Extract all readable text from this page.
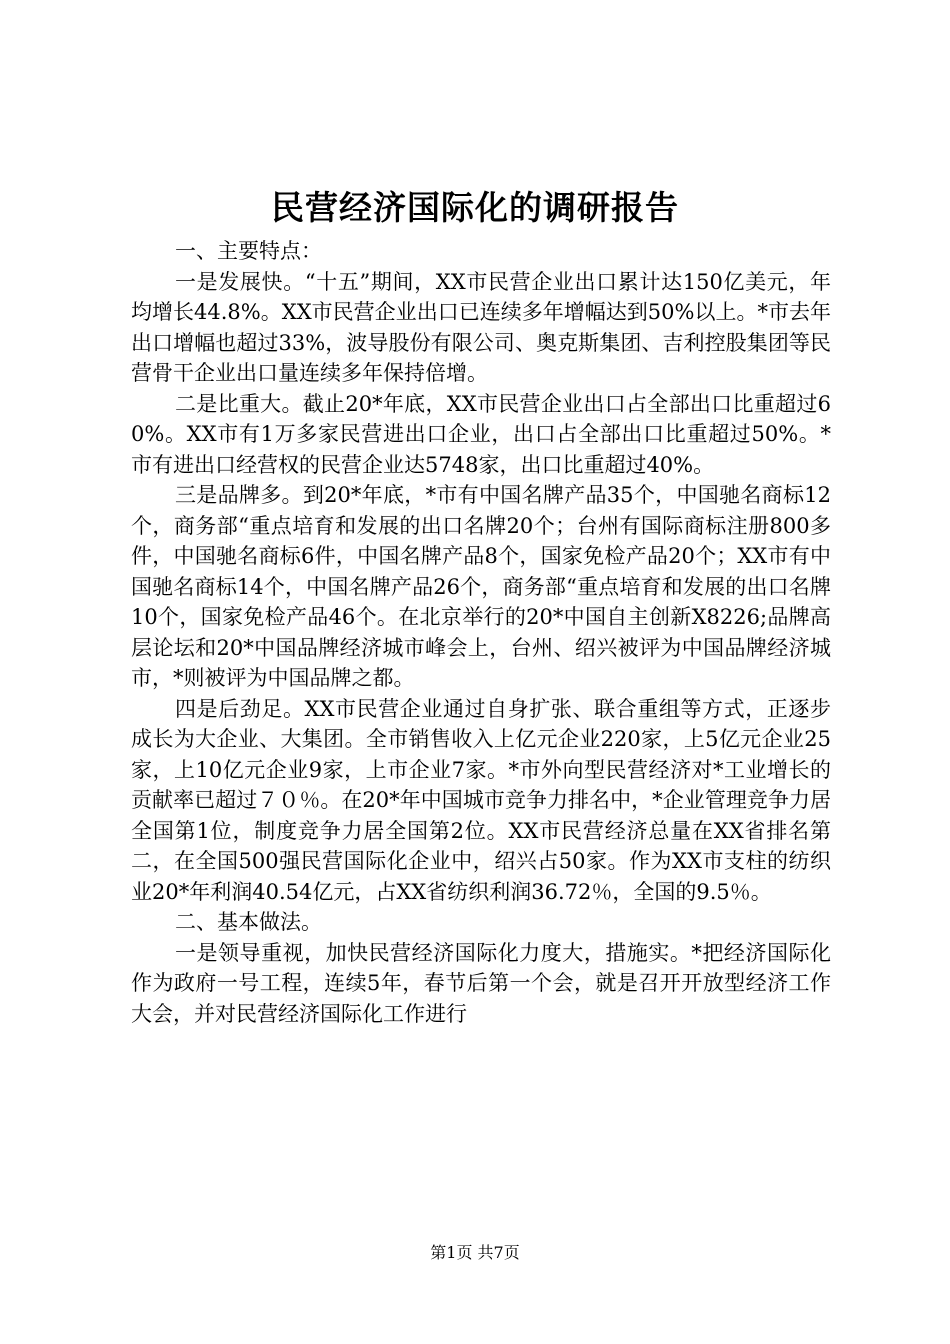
民营经济国际化的调研报告

一、主要特点：

一是发展快。“十五”期间，XX市民营企业出口累计达150亿美元，年均增长44.8%。XX市民营企业出口已连续多年增幅达到50%以上。*市去年出口增幅也超过33%，波导股份有限公司、奥克斯集团、吉利控股集团等民营骨干企业出口量连续多年保持倍增。

二是比重大。截止20*年底，XX市民营企业出口占全部出口比重超过60%。XX市有1万多家民营进出口企业，出口占全部出口比重超过50%。*市有进出口经营权的民营企业达5748家，出口比重超过40%。

三是品牌多。到20*年底，*市有中国名牌产品35个，中国驰名商标12个，商务部“重点培育和发展的出口名牌20个；台州有国际商标注册800多件，中国驰名商标6件，中国名牌产品8个，国家免检产品20个；XX市有中国驰名商标14个，中国名牌产品26个，商务部“重点培育和发展的出口名牌10个，国家免检产品46个。在北京举行的20*中国自主创新X8226;品牌高层论坛和20*中国品牌经济城市峰会上，台州、绍兴被评为中国品牌经济城市，*则被评为中国品牌之都。

四是后劲足。XX市民营企业通过自身扩张、联合重组等方式，正逐步成长为大企业、大集团。全市销售收入上亿元企业220家，上5亿元企业25家，上10亿元企业9家，上市企业7家。*市外向型民营经济对*工业增长的贡献率已超过７０％。在20*年中国城市竞争力排名中，*企业管理竞争力居全国第1位，制度竞争力居全国第2位。XX市民营经济总量在XX省排名第二，在全国500强民营国际化企业中，绍兴占50家。作为XX市支柱的纺织业20*年利润40.54亿元，占XX省纺织利润36.72％，全国的9.5％。

二、基本做法。

一是领导重视，加快民营经济国际化力度大，措施实。*把经济国际化作为政府一号工程，连续5年，春节后第一个会，就是召开开放型经济工作大会，并对民营经济国际化工作进行

第1页 共7页
